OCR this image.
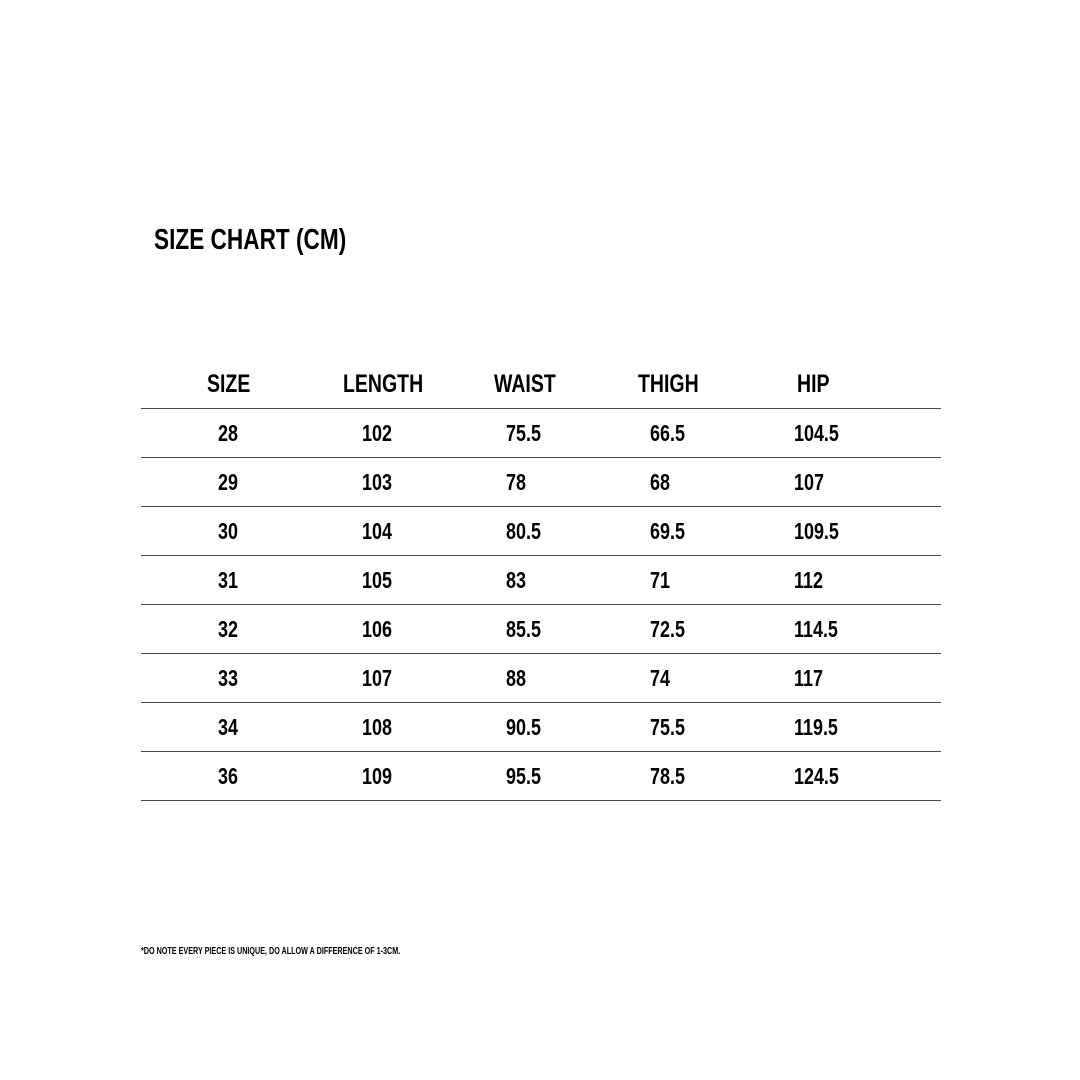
SIZE CHART (CM)
SIZE	LENGTH	WAIST	THIGH	HIP
28	102	75.5	66.5	104.5
29	103	78	68	107
30	104	80.5	69.5	109.5
31	105	83	71	112
32	106	85.5	72.5	114.5
33	107	88	74	117
34	108	90.5	75.5	119.5
36	109	95.5	78.5	124.5
*DO NOTE EVERY PIECE IS UNIQUE, DO ALLOW A DIFFERENCE OF 1-3CM.
